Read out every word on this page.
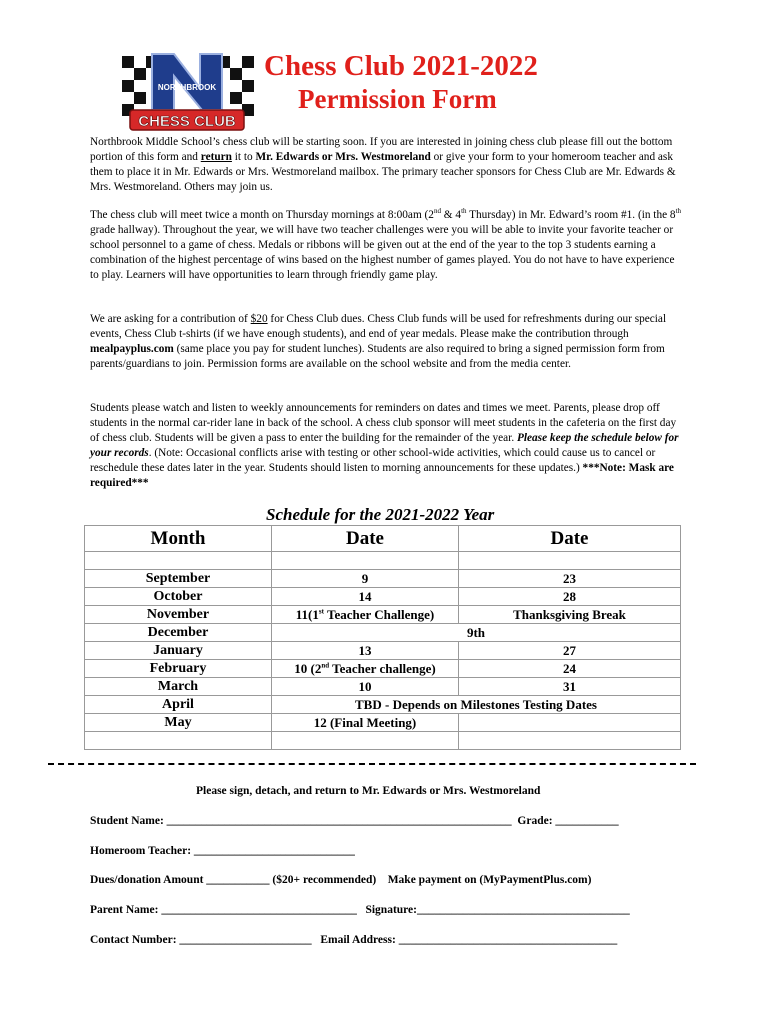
NORTHBROOK
CHESS CLUB
Chess Club 2021-2022
Permission Form

Northbrook Middle School’s chess club will be starting soon. If you are interested in joining chess club please fill out the bottom portion of this form and return it to Mr. Edwards or Mrs. Westmoreland or give your form to your homeroom teacher and ask them to place it in Mr. Edwards or Mrs. Westmoreland mailbox. The primary teacher sponsors for Chess Club are Mr. Edwards & Mrs. Westmoreland. Others may join us.

The chess club will meet twice a month on Thursday mornings at 8:00am (2nd & 4th Thursday) in Mr. Edward’s room #1. (in the 8th grade hallway). Throughout the year, we will have two teacher challenges were you will be able to invite your favorite teacher or school personnel to a game of chess. Medals or ribbons will be given out at the end of the year to the top 3 students earning a combination of the highest percentage of wins based on the highest number of games played. You do not have to have experience to play. Learners will have opportunities to learn through friendly game play.

We are asking for a contribution of $20 for Chess Club dues. Chess Club funds will be used for refreshments during our special events, Chess Club t-shirts (if we have enough students), and end of year medals. Please make the contribution through mealpayplus.com (same place you pay for student lunches). Students are also required to bring a signed permission form from parents/guardians to join. Permission forms are available on the school website and from the media center.

Students please watch and listen to weekly announcements for reminders on dates and times we meet. Parents, please drop off students in the normal car-rider lane in back of the school. A chess club sponsor will meet students in the cafeteria on the first day of chess club. Students will be given a pass to enter the building for the remainder of the year. Please keep the schedule below for your records. (Note: Occasional conflicts arise with testing or other school-wide activities, which could cause us to cancel or reschedule these dates later in the year. Students should listen to morning announcements for these updates.) ***Note: Mask are required***

Schedule for the 2021-2022 Year
Month	Date	Date

September	9	23
October	14	28
November	11(1st Teacher Challenge)	Thanksgiving Break
December	9th	
January	13	27
February	10 (2nd Teacher challenge)	24
March	10	31
April	TBD - Depends on Milestones Testing Dates	
May	12 (Final Meeting)	

Please sign, detach, and return to Mr. Edwards or Mrs. Westmoreland
Student Name: ____________________________________________________________ Grade: ___________
Homeroom Teacher: ____________________________
Dues/donation Amount ___________ ($20+ recommended) Make payment on (MyPaymentPlus.com)
Parent Name: __________________________________ Signature:_____________________________________
Contact Number: _______________________ Email Address: ______________________________________
